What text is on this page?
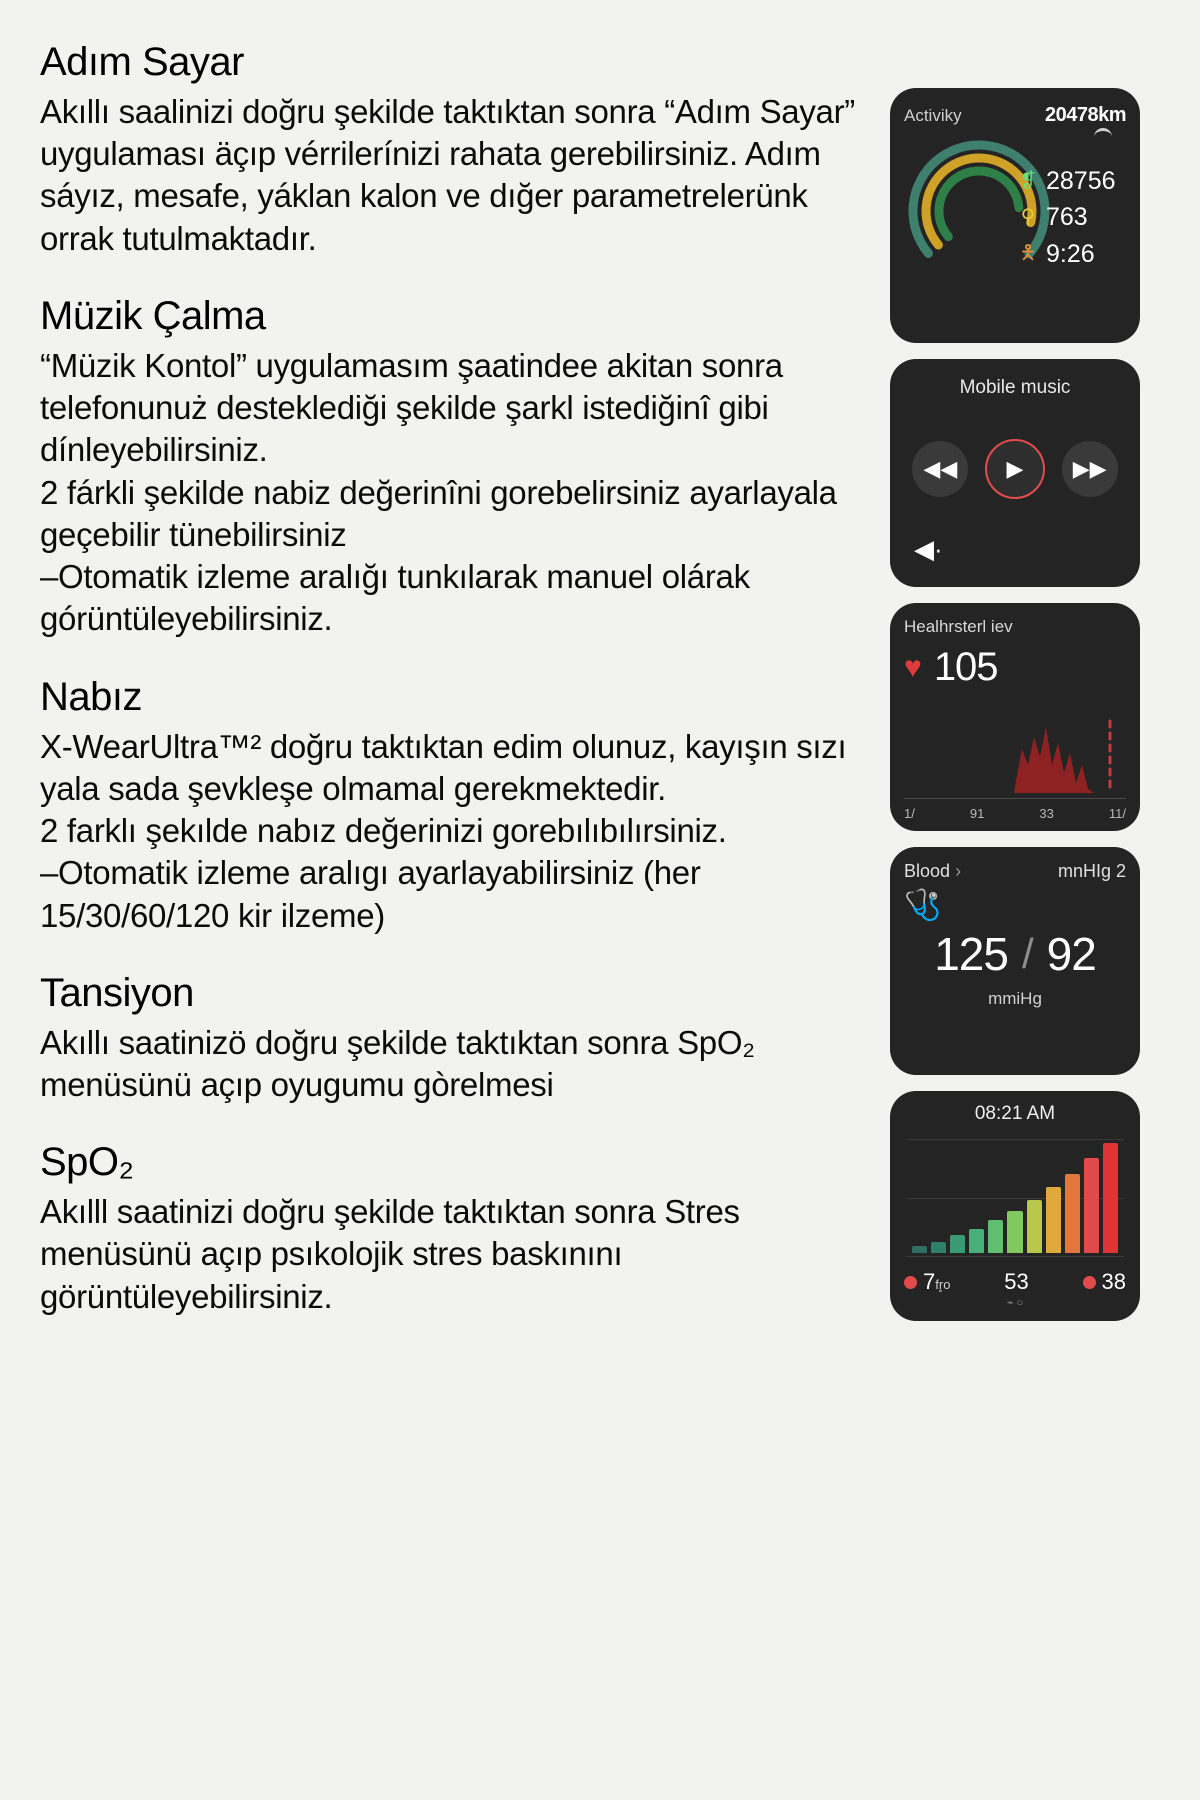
Adım Sayar

Akıllı saalinizi doğru şekilde taktıktan sonra “Adım Sayar” uygulaması äçıp vérrilerínizi rahata gerebilirsiniz. Adım sáyız, mesafe, yáklan kalon ve dığer parametrelerünk orrak tutulmaktadır.

Müzik Çalma

“Müzik Kontol” uygulamasım şaatindee akitan sonra telefonunuż desteklediği şekilde şarkl istediğinî gibi dínleyebilirsiniz.

2 fárkli şekilde nabiz değerinîni gorebelirsiniz ayarlayala geçebilir tünebilirsiniz

–Otomatik izleme aralığı tunkılarak manuel olárak górüntüleyebilirsiniz.

Nabız

X-WearUltra™² doğru taktıktan edim olunuz, kayışın sızı yala sada şevkleşe olmamal gerekmektedir.

2 farklı şekılde nabız değerinizi gorebılıbılırsiniz.

–Otomatik izleme aralıgı ayarlayabilirsiniz (her 15/30/60/120 kir ilzeme)

Tansiyon

Akıllı saatinizö doğru şekilde taktıktan sonra SpO₂ menüsünü açıp oyugumu gòrelmesi

SpO₂

Akılll saatinizi doğru şekilde taktıktan sonra Stres menüsünü açıp psıkolojik stres baskınını görüntüleyebilirsiniz.

Activiky	20478km
❡ 28756
⚲ 763
🯅 9:26
Mobile music
◀◀	▶	▶▶
◀·
Healhrsterl iev
♥ 105
1/	91	33	11/
Blood ›	mnHIg 2
🩺
125 / 92
mmiHg
08:21 AM
7fr̥o 53	38
⌁ ○
